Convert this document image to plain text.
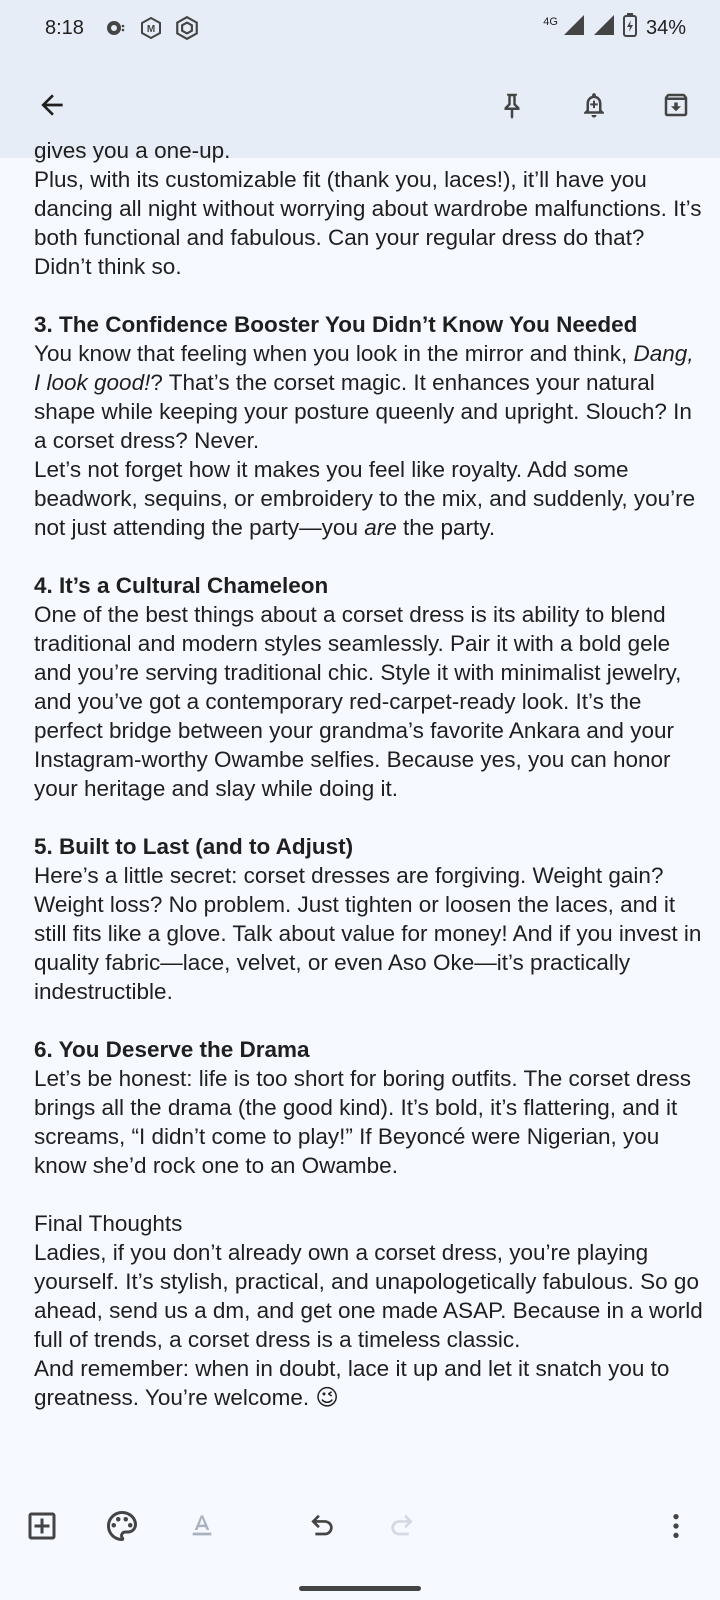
8:18	M
4G	34%
gives you a one-up.
Plus, with its customizable fit (thank you, laces!), it’ll have you dancing all night without worrying about wardrobe malfunctions. It’s both functional and fabulous. Can your regular dress do that? Didn’t think so.
3. The Confidence Booster You Didn’t Know You Needed
You know that feeling when you look in the mirror and think, Dang, I look good!? That’s the corset magic. It enhances your natural shape while keeping your posture queenly and upright. Slouch? In a corset dress? Never.
Let’s not forget how it makes you feel like royalty. Add some beadwork, sequins, or embroidery to the mix, and suddenly, you’re not just attending the party—you are the party.
4. It’s a Cultural Chameleon
One of the best things about a corset dress is its ability to blend traditional and modern styles seamlessly. Pair it with a bold gele and you’re serving traditional chic. Style it with minimalist jewelry, and you’ve got a contemporary red-carpet-ready look. It’s the perfect bridge between your grandma’s favorite Ankara and your Instagram-worthy Owambe selfies. Because yes, you can honor your heritage and slay while doing it.
5. Built to Last (and to Adjust)
Here’s a little secret: corset dresses are forgiving. Weight gain? Weight loss? No problem. Just tighten or loosen the laces, and it still fits like a glove. Talk about value for money! And if you invest in quality fabric—lace, velvet, or even Aso Oke—it’s practically indestructible.
6. You Deserve the Drama
Let’s be honest: life is too short for boring outfits. The corset dress brings all the drama (the good kind). It’s bold, it’s flattering, and it screams, “I didn’t come to play!” If Beyoncé were Nigerian, you know she’d rock one to an Owambe.
Final Thoughts
Ladies, if you don’t already own a corset dress, you’re playing yourself. It’s stylish, practical, and unapologetically fabulous. So go ahead, send us a dm, and get one made ASAP. Because in a world full of trends, a corset dress is a timeless classic.
And remember: when in doubt, lace it up and let it snatch you to greatness. You’re welcome. 😉
